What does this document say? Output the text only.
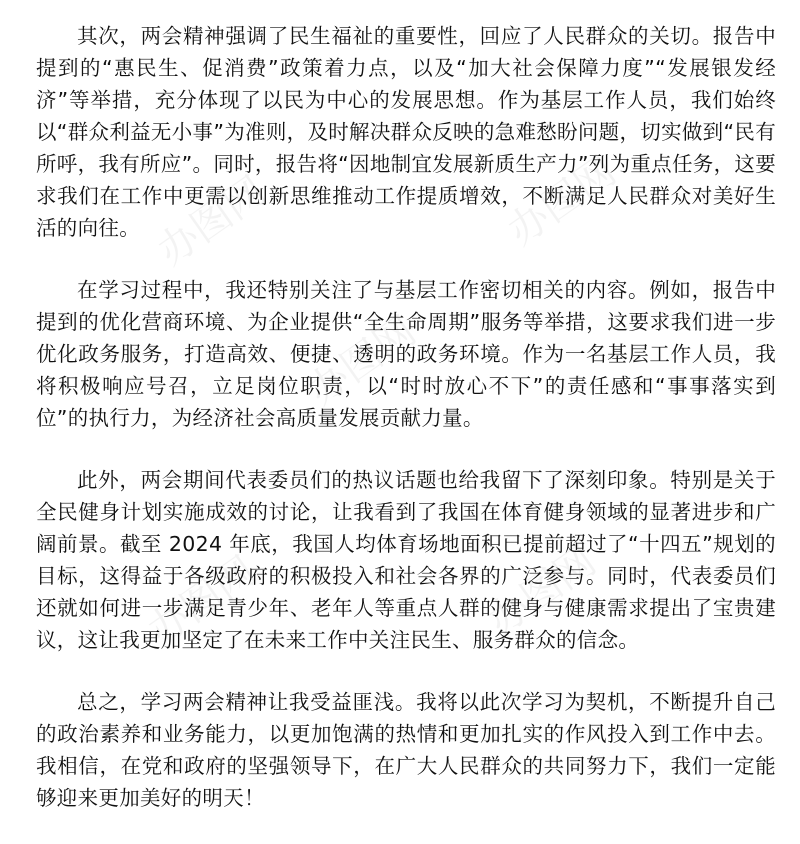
办图网	办图网
办图网
办图网	办图网

其次，两会精神强调了民生福祉的重要性，回应了人民群众的关切。报告中提到的“惠民生、促消费”政策着力点，以及“加大社会保障力度”“发展银发经济”等举措，充分体现了以民为中心的发展思想。作为基层工作人员，我们始终以“群众利益无小事”为准则，及时解决群众反映的急难愁盼问题，切实做到“民有所呼，我有所应”。同时，报告将“因地制宜发展新质生产力”列为重点任务，这要求我们在工作中更需以创新思维推动工作提质增效，不断满足人民群众对美好生活的向往。

在学习过程中，我还特别关注了与基层工作密切相关的内容。例如，报告中提到的优化营商环境、为企业提供“全生命周期”服务等举措，这要求我们进一步优化政务服务，打造高效、便捷、透明的政务环境。作为一名基层工作人员，我将积极响应号召，立足岗位职责，以“时时放心不下”的责任感和“事事落实到位”的执行力，为经济社会高质量发展贡献力量。

此外，两会期间代表委员们的热议话题也给我留下了深刻印象。特别是关于全民健身计划实施成效的讨论，让我看到了我国在体育健身领域的显著进步和广阔前景。截至 2024 年底，我国人均体育场地面积已提前超过了“十四五”规划的目标，这得益于各级政府的积极投入和社会各界的广泛参与。同时，代表委员们还就如何进一步满足青少年、老年人等重点人群的健身与健康需求提出了宝贵建议，这让我更加坚定了在未来工作中关注民生、服务群众的信念。

总之，学习两会精神让我受益匪浅。我将以此次学习为契机，不断提升自己的政治素养和业务能力，以更加饱满的热情和更加扎实的作风投入到工作中去。我相信，在党和政府的坚强领导下，在广大人民群众的共同努力下，我们一定能够迎来更加美好的明天！
